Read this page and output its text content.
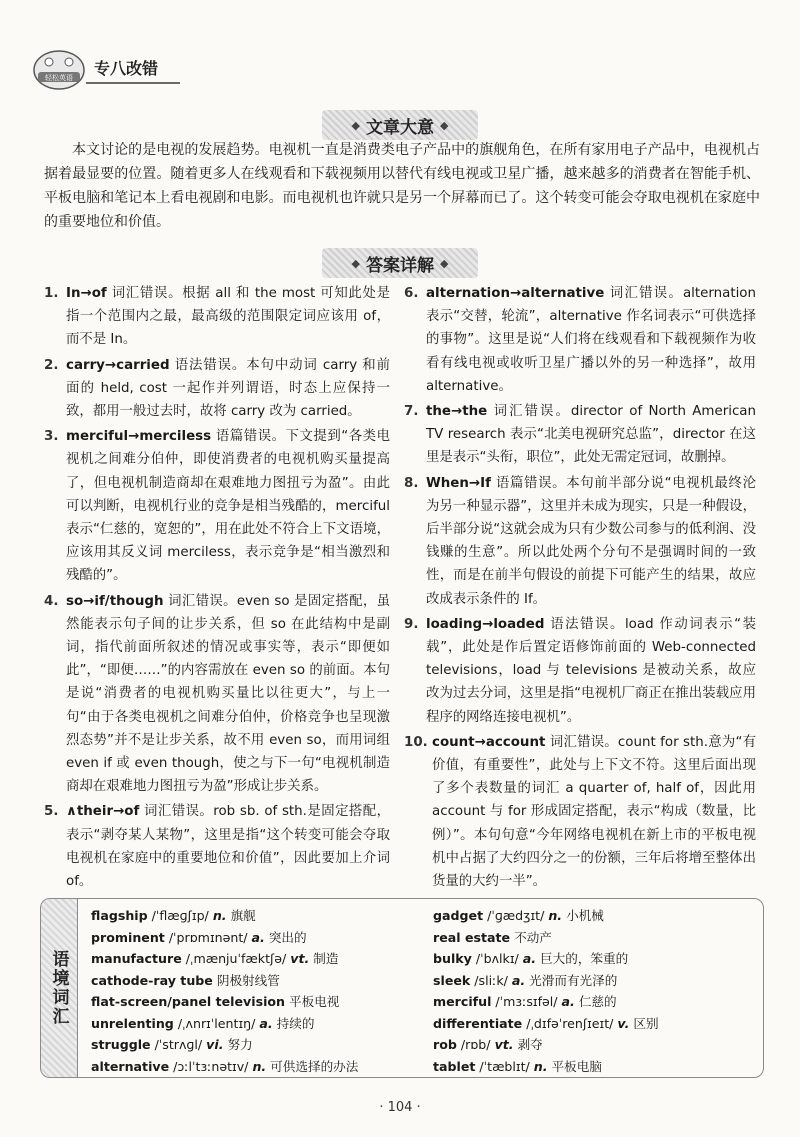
轻松英语 专八改错
◆ 文章大意 ◆
本文讨论的是电视的发展趋势。电视机一直是消费类电子产品中的旗舰角色，在所有家用电子产品中，电视机占据着最显要的位置。随着更多人在线观看和下载视频用以替代有线电视或卫星广播，越来越多的消费者在智能手机、平板电脑和笔记本上看电视剧和电影。而电视机也许就只是另一个屏幕而已了。这个转变可能会夺取电视机在家庭中的重要地位和价值。
◆ 答案详解 ◆
1. In→of 词汇错误。根据 all 和 the most 可知此处是指一个范围内之最，最高级的范围限定词应该用 of，而不是 In。
2. carry→carried 语法错误。本句中动词 carry 和前面的 held, cost 一起作并列谓语，时态上应保持一致，都用一般过去时，故将 carry 改为 carried。
3. merciful→merciless 语篇错误。下文提到“各类电视机之间难分伯仲，即使消费者的电视机购买量提高了，但电视机制造商却在艰难地力图扭亏为盈”。由此可以判断，电视机行业的竞争是相当残酷的，merciful 表示“仁慈的，宽恕的”，用在此处不符合上下文语境，应该用其反义词 merciless，表示竞争是“相当激烈和残酷的”。
4. so→if/though 词汇错误。even so 是固定搭配，虽然能表示句子间的让步关系，但 so 在此结构中是副词，指代前面所叙述的情况或事实等，表示“即便如此”，“即便……”的内容需放在 even so 的前面。本句是说“消费者的电视机购买量比以往更大”，与上一句“由于各类电视机之间难分伯仲，价格竞争也呈现激烈态势”并不是让步关系，故不用 even so，而用词组 even if 或 even though，使之与下一句“电视机制造商却在艰难地力图扭亏为盈”形成让步关系。
5. ∧their→of 词汇错误。rob sb. of sth.是固定搭配，表示“剥夺某人某物”，这里是指“这个转变可能会夺取电视机在家庭中的重要地位和价值”，因此要加上介词 of。
6. alternation→alternative 词汇错误。alternation 表示“交替，轮流”，alternative 作名词表示“可供选择的事物”。这里是说“人们将在线观看和下载视频作为收看有线电视或收听卫星广播以外的另一种选择”，故用 alternative。
7. the→the 词汇错误。director of North American TV research 表示“北美电视研究总监”，director 在这里是表示“头衔，职位”，此处无需定冠词，故删掉。
8. When→If 语篇错误。本句前半部分说“电视机最终沦为另一种显示器”，这里并未成为现实，只是一种假设，后半部分说“这就会成为只有少数公司参与的低利润、没钱赚的生意”。所以此处两个分句不是强调时间的一致性，而是在前半句假设的前提下可能产生的结果，故应改成表示条件的 If。
9. loading→loaded 语法错误。load 作动词表示“装载”，此处是作后置定语修饰前面的 Web-connected televisions，load 与 televisions 是被动关系，故应改为过去分词，这里是指“电视机厂商正在推出装载应用程序的网络连接电视机”。
10. count→account 词汇错误。count for sth.意为“有价值，有重要性”，此处与上下文不符。这里后面出现了多个表数量的词汇 a quarter of, half of，因此用 account 与 for 形成固定搭配，表示“构成（数量，比例）”。本句句意“今年网络电视机在新上市的平板电视机中占据了大约四分之一的份额，三年后将增至整体出货量的大约一半”。
语境词汇
flagship /ˈflæɡʃɪp/ n. 旗舰
prominent /ˈprɒmɪnənt/ a. 突出的
manufacture /ˌmænjuˈfæktʃə/ vt. 制造
cathode-ray tube 阴极射线管
flat-screen/panel television 平板电视
unrelenting /ˌʌnrɪˈlentɪŋ/ a. 持续的
struggle /ˈstrʌɡl/ vi. 努力
alternative /ɔːlˈtɜːnətɪv/ n. 可供选择的办法
gadget /ˈɡædʒɪt/ n. 小机械
real estate 不动产
bulky /ˈbʌlkɪ/ a. 巨大的，笨重的
sleek /sliːk/ a. 光滑而有光泽的
merciful /ˈmɜːsɪfəl/ a. 仁慈的
differentiate /ˌdɪfəˈrenʃɪeɪt/ v. 区别
rob /rɒb/ vt. 剥夺
tablet /ˈtæblɪt/ n. 平板电脑
· 104 ·
